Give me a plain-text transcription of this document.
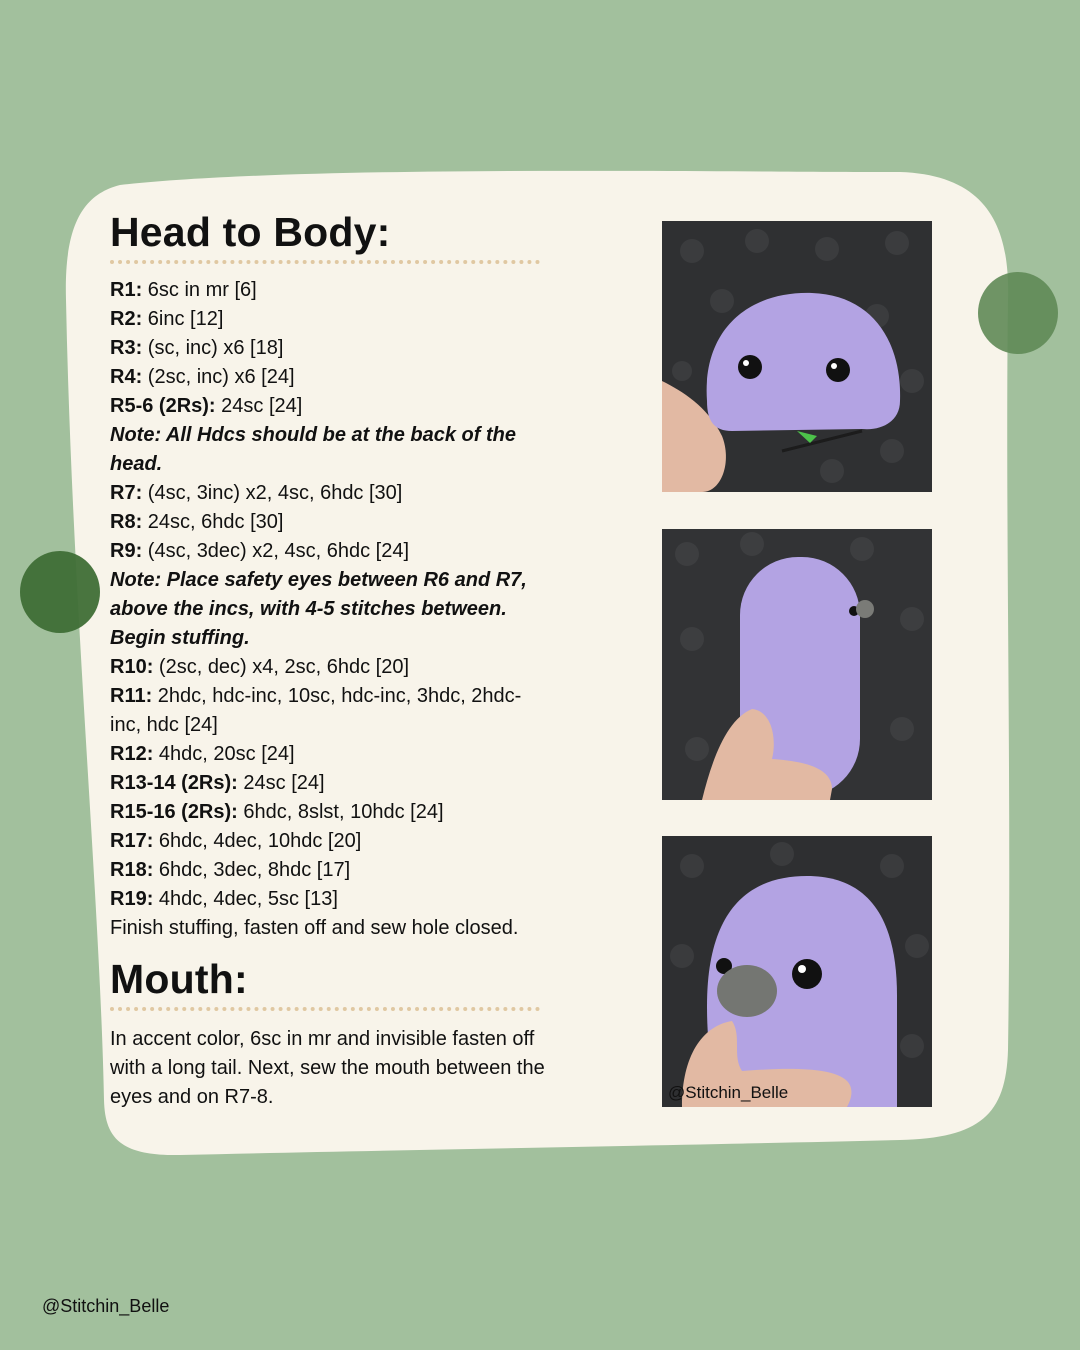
Head to Body:
R1: 6sc in mr [6]
R2: 6inc [12]
R3: (sc, inc) x6 [18]
R4: (2sc, inc) x6 [24]
R5-6 (2Rs): 24sc [24]
Note: All Hdcs should be at the back of the head.
R7: (4sc, 3inc) x2, 4sc, 6hdc [30]
R8: 24sc, 6hdc [30]
R9: (4sc, 3dec) x2, 4sc, 6hdc [24]
Note: Place safety eyes between R6 and R7, above the incs, with 4-5 stitches between. Begin stuffing.
R10: (2sc, dec) x4, 2sc, 6hdc [20]
R11: 2hdc, hdc-inc, 10sc, hdc-inc, 3hdc, 2hdc-inc, hdc [24]
R12: 4hdc, 20sc [24]
R13-14 (2Rs): 24sc [24]
R15-16 (2Rs): 6hdc, 8slst, 10hdc [24]
R17: 6hdc, 4dec, 10hdc [20]
R18: 6hdc, 3dec, 8hdc [17]
R19: 4hdc, 4dec, 5sc [13]
Finish stuffing, fasten off and sew hole closed.
Mouth:
In accent color, 6sc in mr and invisible fasten off with a long tail. Next, sew the mouth between the eyes and on R7-8.	@Stitchin_Belle
@Stitchin_Belle
